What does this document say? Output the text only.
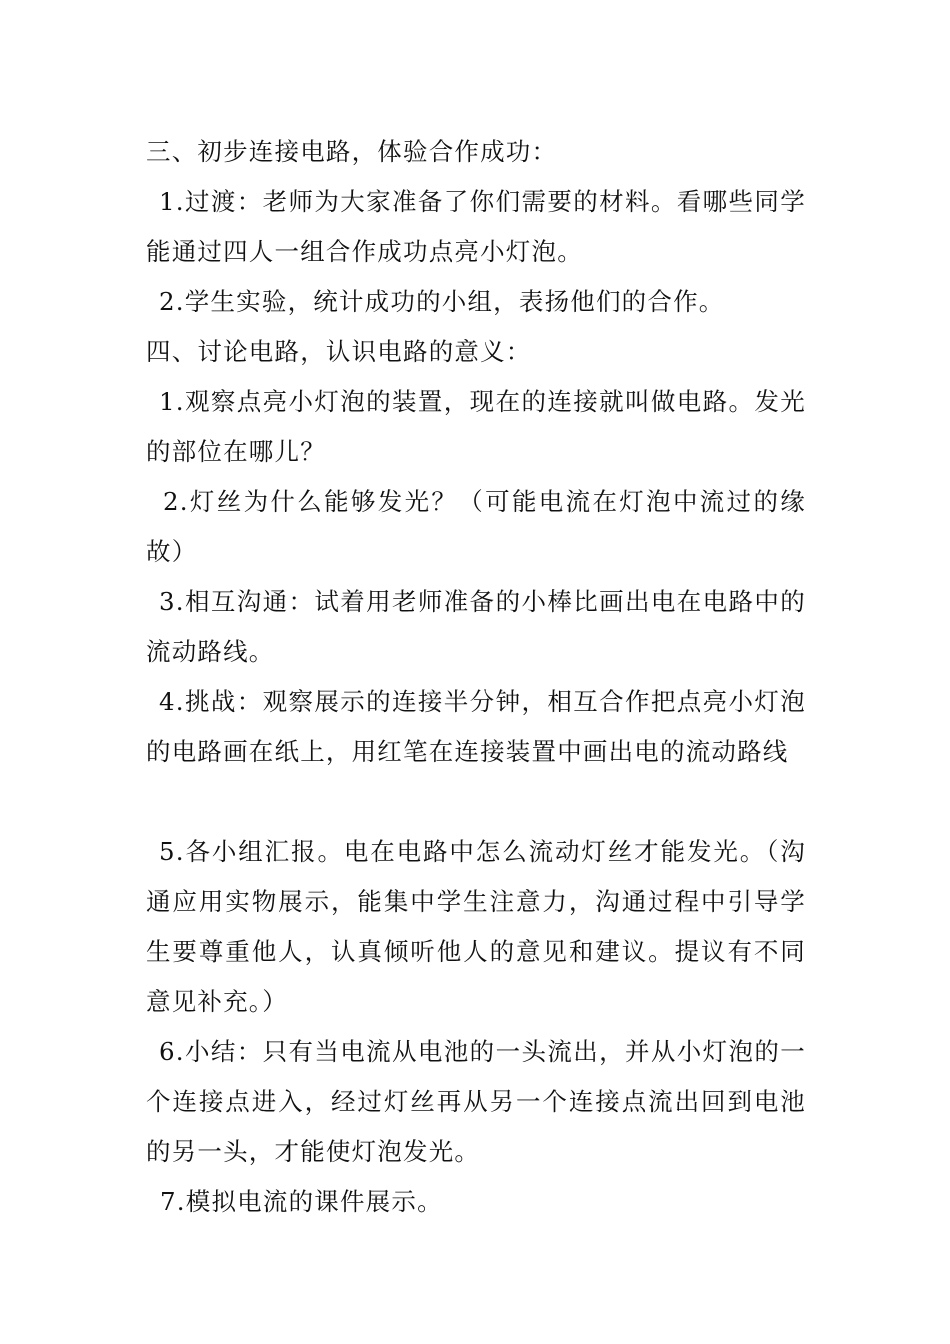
三、初步连接电路，体验合作成功：

1.过渡：老师为大家准备了你们需要的材料。看哪些同学能通过四人一组合作成功点亮小灯泡。

2.学生实验，统计成功的小组，表扬他们的合作。

四、讨论电路，认识电路的意义：

1.观察点亮小灯泡的装置，现在的连接就叫做电路。发光的部位在哪儿？

2.灯丝为什么能够发光？（可能电流在灯泡中流过的缘故）

3.相互沟通：试着用老师准备的小棒比画出电在电路中的流动路线。

4.挑战：观察展示的连接半分钟，相互合作把点亮小灯泡的电路画在纸上，用红笔在连接装置中画出电的流动路线

5.各小组汇报。电在电路中怎么流动灯丝才能发光。（沟通应用实物展示，能集中学生注意力，沟通过程中引导学生要尊重他人，认真倾听他人的意见和建议。提议有不同意见补充。）

6.小结：只有当电流从电池的一头流出，并从小灯泡的一个连接点进入，经过灯丝再从另一个连接点流出回到电池的另一头，才能使灯泡发光。

7.模拟电流的课件展示。
